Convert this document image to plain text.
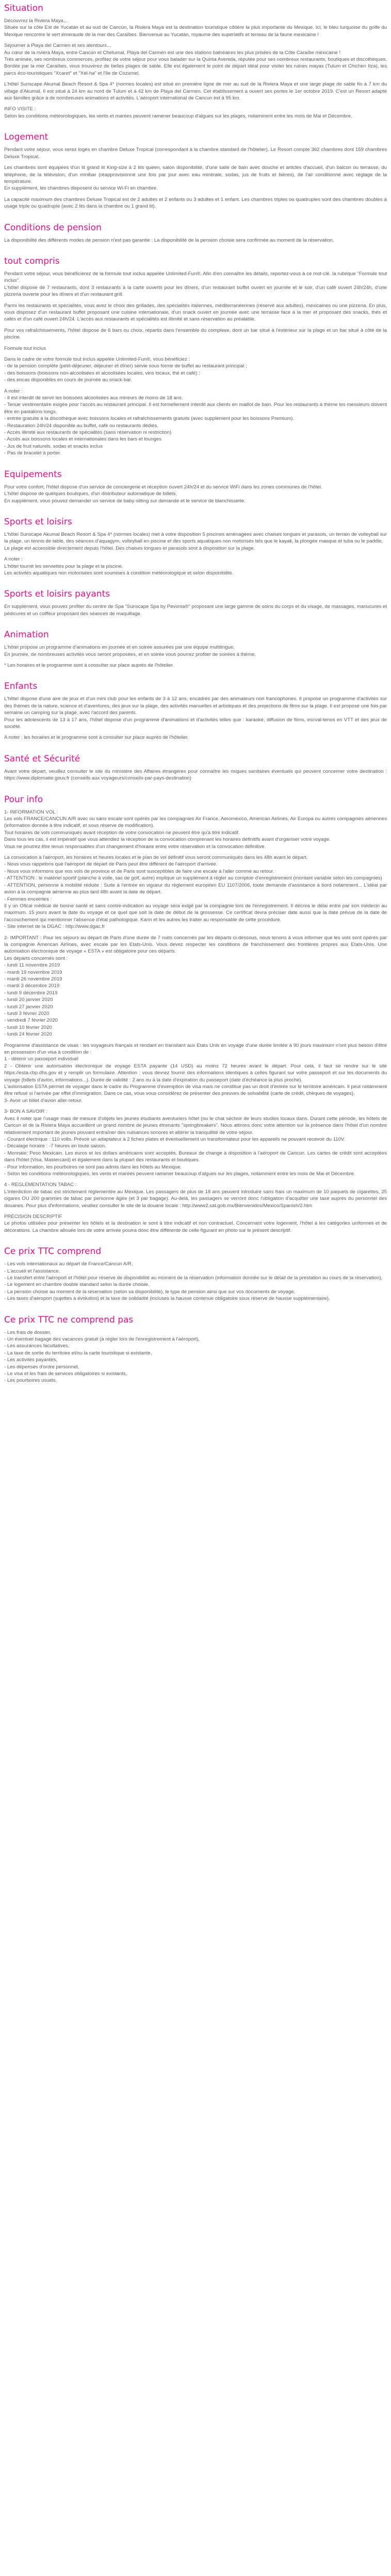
Situation

Découvrez la Riviera Maya…
Située sur la côte Est de Yucatán et au sud de Cancún, la Riviera Maya est la destination touristique côtière la plus importante du Mexique. Ici, le bleu turquoise du golfe du Mexique rencontre le vert émeraude de la mer des Caraïbes. Bienvenue au Yucatán, royaume des superlatifs et terreau de la faune mexicaine !

Séjourner à Playa del Carmen et ses alentours…
Au cœur de la riviera Maya, entre Cancún et Chetumal, Playa del Carmen est une des stations balnéaires les plus prisées de la Côte Caraïbe mexicaine !
Très animée, ses nombreux commerces, profitez de votre séjour pour vous balader sur la Quinta Avenida, réputée pour ses nombreux restaurants, boutiques et discothèques. Bordée par la mer Caraïbes, vous trouverez de belles plages de sable. Elle est également le point de départ idéal pour visiter les ruines mayas (Tulum et Chichen Itza), les parcs éco-touristiques "Xcaret" et "Xel-ha" et l'île de Cozumel.

L'hôtel Sunscape Akumal Beach Resort & Spa 4* (normes locales) est situé en première ligne de mer au sud de la Riviera Maya et une large plage de sable fin à 7 km du village d'Akumal. Il est situé à 24 km au nord de Tulum et à 42 km de Playa del Carmen. Cet établissement a ouvert ses portes le 1er octobre 2019. C'est un Resort adapté aux familles grâce à de nombreuses animations et activités. L'aéroport international de Cancun est à 95 km.

INFO VISITE :
Selon les conditions météorologiques, les vents et marées peuvent ramener beaucoup d'algues sur les plages, notamment entre les mois de Mai et Décembre.

Logement

Pendant votre séjour, vous serez logés en chambre Deluxe Tropical (correspondant à la chambre standard de l'hôtelier). Le Resort compte 362 chambres dont 159 chambres Deluxe Tropical.

Les chambres sont équipées d'un lit grand lit King-size à 2 lits queen, salon disponibilité, d'une salle de bain avec douche et articles d'accueil, d'un balcon ou terrasse, du téléphone, de la télévision, d'un minibar (réapprovisionné une fois par jour avec eau minérale, sodas, jus de fruits et bières), de l'air conditionné avec réglage de la température.
En supplément, les chambres disposent du service Wi-Fi en chambre.

La capacité maximum des chambres Deluxe Tropical est de 2 adultes et 2 enfants ou 3 adultes et 1 enfant. Les chambres triples ou quadruples sont des chambres doubles à usage triple ou quadruple (avec 2 lits dans la chambre ou 1 grand lit).

Conditions de pension

La disponibilité des différents modes de pension n'est pas garantie : La disponibilité de la pension choisie sera confirmée au moment de la réservation.

tout compris

Pendant votre séjour, vous bénéficierez de la formule tout inclus appelée Unlimited-Fun®. Afin d'en connaître les détails, reportez-vous à ce mot-clé. la rubrique "Formule tout inclus".
L'hôtel dispose de 7 restaurants, dont 3 restaurants à la carte ouverts pour les dîners, d'un restaurant buffet ouvert en journée et le soir, d'un café ouvert 24h/24h, d'une pizzeria ouverte pour les dîners et d'un restaurant grill.

Parmi les restaurants et spécialités, vous avez le choix des grillades, des spécialités italiennes, méditerranéennes (réservé aux adultes), mexicaines ou une pizzeria. En plus, vous disposez d'un restaurant buffet proposant une cuisine internationale, d'un snack ouvert en journée avec une terrasse face à la mer et proposant des snacks, thés et cafés et d'un café ouvert 24h/24. L'accès aux restaurants et spécialités est illimité et sans réservation au préalable.

Pour vos rafraîchissements, l'hôtel dispose de 6 bars ou choix, répartis dans l'ensemble du complexe, dont un bar situé à l'extérieur sur la plage et un bar situé à côté de la piscine.

Formule tout inclus

Dans le cadre de votre formule tout inclus appelée Unlimited-Fun®, vous bénéficiez :
- de la pension complète (petit-déjeuner, déjeuner et dîner) servie sous forme de buffet au restaurant principal ;
- des boissons (boissons non-alcoolisées et alcoolisées locales, vins locaux, thé et café) ;
- des encas disponibles en cours de journée au snack-bar.

A noter :
- Il est interdit de servir les boissons alcoolisées aux mineurs de moins de 18 ans.
- Tenue vestimentaire exigée pour l'accès au restaurant principal. Il est formellement interdit aux clients en maillot de bain. Pour les restaurants à thème les messieurs doivent être en pantalons longs.
- entrée gratuite à la discothèque avec boissons locales et rafraîchissements gratuits (avec supplément pour les boissons Premium).
- Restauration 24h/24 disponible au buffet, café ou restaurants dédiés.
- Accès illimité aux restaurants de spécialités (sans réservation ni restriction)
- Accès aux boissons locales et internationales dans les bars et lounges
- Jus de fruit naturels, sodas et snacks inclus
- Pas de bracelet à porter.

Equipements

Pour votre confort, l'hôtel dispose d'un service de conciergerie et réception ouvert 24h/24 et du service WiFi dans les zones communes de l'hôtel.
L'hôtel dispose de quelques boutiques, d'un distributeur automatique de billets.
En supplément, vous pouvez demander un service de baby-sitting sur demande et le service de blanchisserie.

Sports et loisirs

L'hôtel Sunscape Akumal Beach Resort & Spa 4* (normes locales) met à votre disposition 5 piscines aménagées avec chaises longues et parasols, un terrain de volleyball sur la plage, un tennis de table, des séances d'aquagym, volleyball en piscine et des sports aquatiques non motorisés tels que le kayak, la plongée masque et tuba ou le paddle.
Le plage est accessible directement depuis l'hôtel. Des chaises longues et parasols sont à disposition sur la plage.

A noter :
L'hôtel tournit les serviettes pour la plage et la piscine.
Les activités aquatiques non motorisées sont soumises à condition météorologique et selon disponibilité.

Sports et loisirs payants

En supplément, vous pouvez profiter du centre de Spa "Sunscape Spa by Pevonia®" proposant une large gamme de soins du corps et du visage, de massages, manucures et pédicures et un coiffeur proposant des séances de maquillage.

Animation

L'hôtel propose un programme d'animations en journée et en soirée assurées par une équipe multilingue.
En journée, de nombreuses activités vous seront proposées, et en soirée vous pourrez profiter de soirées à thème.

* Les horaires et le programme sont à consulter sur place auprès de l'hôtelier.

Enfants

L'hôtel dispose d'une aire de jeux et d'un mini club pour les enfants de 3 à 12 ans, encadrés par des animateurs non francophones. Il propose un programme d'activités sur des thèmes de la nature, science et d'aventures, des jeux sur la plage, des activités manuelles et artistiques et des projections de films sur la plage. Il est proposé une fois par semaine un camping sur la plage, avec l'accord des parents.
Pour les adolescents de 13 à 17 ans, l'hôtel dispose d'un programme d'animations et d'activités telles que : karaoké, diffusion de films, escval-tenos en VTT et des jeux de société.

A noter : les horaires et le programme sont à consulter sur place auprès de l'hôtelier.

Santé et Sécurité

Avant votre départ, veuillez consulter le site du ministère des Affaires étrangères pour connaître les risques sanitaires éventuels qui peuvent concerner votre destination : https://www.diplomatie.gouv.fr (conseils aux voyageurs/conseils-par-pays-destination)

Pour info

1- INFORMATION VOL :
Les vols FRANCE/CANCUN A/R avec ou sans escale sont opérés par les compagnies Air France, Aeromexico, American Airlines, Air Europa ou autres compagnies aériennes (information donnée à titre indicatif, et sous réserve de modification).
Tout horaires de vols communiqués avant réception de votre convocation ne peuvent être qu'à titre indicatif.
Dans tous les cas, il est impératif que vous attendiez la réception de la convocation comprenant les horaires définitifs avant d'organiser votre voyage.
Vous ne pourrez être tenus responsables d'un changement d'horaire entre votre réservation et la convocation définitive.

La convocation à l'aéroport, les horaires et heures locales et le plan de vol définitif vous seront communiqués dans les 48h avant le départ.
- Nous vous rappelons que l'aéroport de départ de Paris peut être différent de l'aéroport d'arrivée.
- Nous vous informons que nos vols de province et de Paris sont susceptibles de faire une escale à l'aller comme au retour.
- ATTENTION : le matériel sportif (planche à voile, sac de golf, autre) implique un supplément à régler au comptoir d'enregistrement (montant variable selon les compagnies)
- ATTENTION, personne à mobilité réduite : Suite à l'entrée en vigueur du règlement européen EU 1107/2006, toute demande d'assistance à bord notamment... L'idéal par avion à la compagnie aérienne au plus tard 48h avant la date de départ.
- Femmes enceintes :
Il y un Ofical médical de bonne santé et sans contre-indication au voyage sera exigé par la compagnie lors de l'enregistrement. Il décrira le délai entre par son médecin au maximum. 15 jours avant la date du voyage et ce quel que soit la date de début de la grossesse. Ce certificat devra préciser date aussi que la date prévue de la date de l'accouchement qui mentionner l'absence d'état pathologique. Karin et les autres les traiter au responsable de cette procédure.
- Site internet de la DGAC : http://www.dgac.fr

2- IMPORTANT : Pour les séjours au départ de Paris d'une durée de 7 nuits concernés par les départs ci-dessous, nous tenons à vous informer que les vols sont opérés par la compagnie American Airlines, avec escale par les Etats-Unis. Vous devez respecter les conditions de franchissement des frontières propres aux Etats-Unis. Une autorisation électronique de voyage « ESTA » est obligatoire pour ces départs.
Les départs concernés sont :
- lundi 11 novembre 2019
- mardi 19 novembre 2019
- mardi 26 novembre 2019
- mardi 3 décembre 2019
- lundi 9 décembre 2019
- lundi 20 janvier 2020
- lundi 27 janvier 2020
- lundi 3 février 2020
- vendredi 7 février 2020
- lundi 10 février 2020
- lundi 24 février 2020

Programme d'assistance de visas : les voyageurs français et rendant en transitant aux Etats Unis en voyage d'une durée limitée à 90 jours maximum n'ont plus besoin d'être en possession d'un visa à condition de :
1 - détenir un passeport individuel
2 - Obtenir une autorisation électronique de voyage ESTA payante (14 USD) au moins 72 heures avant le départ. Pour cela, il faut se rendre sur le site https://esta.cbp.dhs.gov et y remplir un formulaire. Attention : vous devrez fournir des informations identiques à celles figurant sur votre passeport et sur les documents du voyage (billets d'avion, informations...). Durée de validité : 2 ans ou à la date d'expiration du passeport (date d'échéance la plus proche).
L'autorisation ESTA permet de voyager dans le cadre du Programme d'exemption de visa mais ne constitue pas un droit d'entrée sur le territoire américain. Il peut notamment être refusé si l'arrivée par effet d'immigration. Dans ce cas, vous vous considérez de présenter des preuves de solvabilité (carte de crédit, chèques de voyages).
3- Avoir un billet d'avion aller-retour.

3- BON A SAVOIR :
Avec il noter que l'usage mais de mesure d'objets les jeunes étudiants aventuriers hôtel (ou le chat séchoir de leurs studios locaux dans. Durant cette période, les hôtels de Cancun et de la Riviera Maya accueillent un grand nombre de jeunes étrenants "springbreakers". Nous attirons donc votre attention sur la présence dans l'hôtel d'un nombre relativement important de jeunes pouvant entraîner des nuisances sonores et altérer la tranquillité de votre séjour.
- Courant électrique : 110 volts. Prévoir un adaptateur à 2 fiches plates et éventuellement un transformateur pour les appareils ne pouvant recevoir du 110V.
- Décalage horaire : -7 heures en toute saison.
- Monnaie: Peso Mexicain. Les euros et les dollars américains sont acceptés. Bureaux de change à disposition à l'aéroport de Cancun. Les cartes de crédit sont acceptées dans l'hôtel (Visa, Mastercard) et également dans la plupart des restaurants et boutiques.
- Pour information, les pourboires ne sont pas admis dans les hôtels au Mexique.
- Selon les conditions météorologiques, les vents et marées peuvent ramener beaucoup d'algues sur les plages, notamment entre les mois de Mai et Décembre.

4 - REGLEMENTATION TABAC :
L'interdiction de tabac est strictement réglementée au Mexique. Les passagers de plus de 18 ans peuvent introduire sans frais un maximum de 10 paquets de cigarettes, 25 cigares OU 200 grammes de tabac par personne âgée (et 3 par bagage). Au-delà, les passagers se verront donc l'obligation d'acquitter une taxe auprès du personnel des douanes. Pour plus d'informations, veuillez consulter le site de la douane locale : http://www2.sat.gob.mx/Bienvenidos/Mexico/Spanish/2.htm

PRÉCISION DESCRIPTIF
Le photos utilisées pour présenter les hôtels et la destination le sont à titre indicatif et non contractuel. Concernant votre logement, l'hôtel à les catégories uniformes et de décorations. La chambre allouée lors de votre arrivée pourra donc être différente de celle figurant en photo sur le présent descriptif.

Ce prix TTC comprend
- Les vols internationaux au départ de France/Cancun A/R,
- L'accueil et l'assistance,
- Le transfert entre l'aéroport et l'hôtel pour réserve de disponibilité au moment de la réservation (information donnée sur le détail de la prestation au cours de la réservation),
- Le logement en chambre double standard selon la durée choisie,
- La pension choisie au moment de la réservation (selon sa disponibilité), le type de pension ainsi que sur vos documents de voyage,
- Les taxes d'aéroport (sujettes à évolution) et la taxe de solidarité (incluses la hausse contenue obligatoire sous réserve de hausse supplémentaire).
Ce prix TTC ne comprend pas
- Les frais de dossier,
- Un éventuel bagage des vacances gratuit (à régler lors de l'enregistrement à l'aéroport),
- Les assurances facultatives,
- La taxe de sortie du territoire et/ou la carte touristique si existante,
- Les activités payantes,
- Les dépenses d'ordre personnel,
- Le visa et les frais de services obligatoires si existants,
- Les pourboires usuels.
